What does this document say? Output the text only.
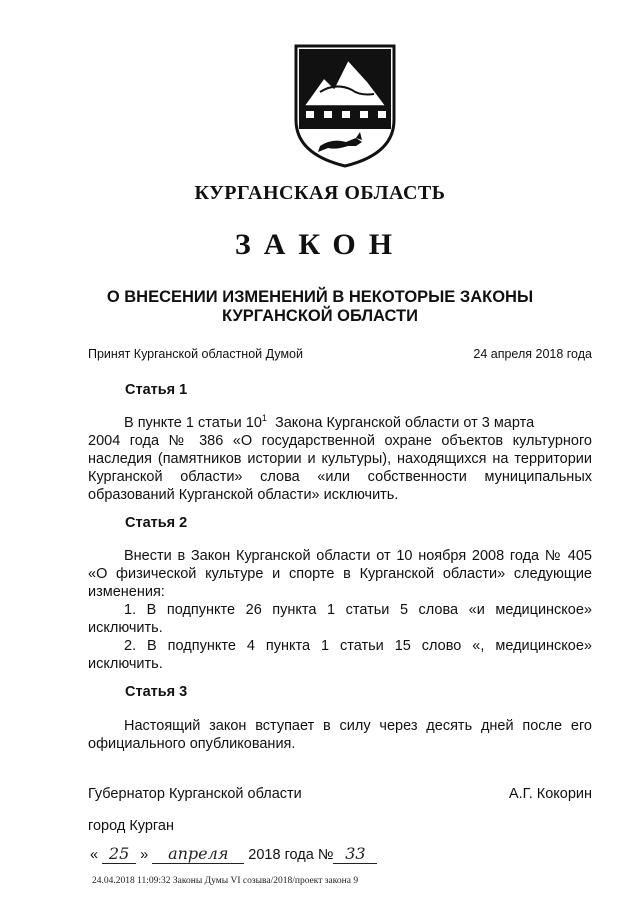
КУРГАНСКАЯ ОБЛАСТЬ
ЗАКОН
О ВНЕСЕНИИ ИЗМЕНЕНИЙ В НЕКОТОРЫЕ ЗАКОНЫ
КУРГАНСКОЙ ОБЛАСТИ
Принят Курганской областной Думой	24 апреля 2018 года
Статья 1

В пункте 1 статьи $10^1$  Закона Курганской области от 3 марта

2004 года № 386 «О государственной охране объектов культурного наследия (памятников истории и культуры), находящихся на территории Курганской области» слова «или собственности муниципальных образований Курганской области» исключить.

Статья 2

Внести в Закон Курганской области от 10 ноября 2008 года № 405 «О физической культуре и спорте в Курганской области» следующие изменения:

1. В подпункте 26 пункта 1 статьи 5 слова «и медицинское» исключить.

2. В подпункте 4 пункта 1 статьи 15 слово «, медицинское» исключить.

Статья 3

Настоящий закон вступает в силу через десять дней после его официального опубликования.

Губернатор Курганской области	А.Г. Кокорин
город Курган
« 25 » апреля 2018 года № 33
24.04.2018 11:09:32 Законы Думы VI созыва/2018/проект закона 9
